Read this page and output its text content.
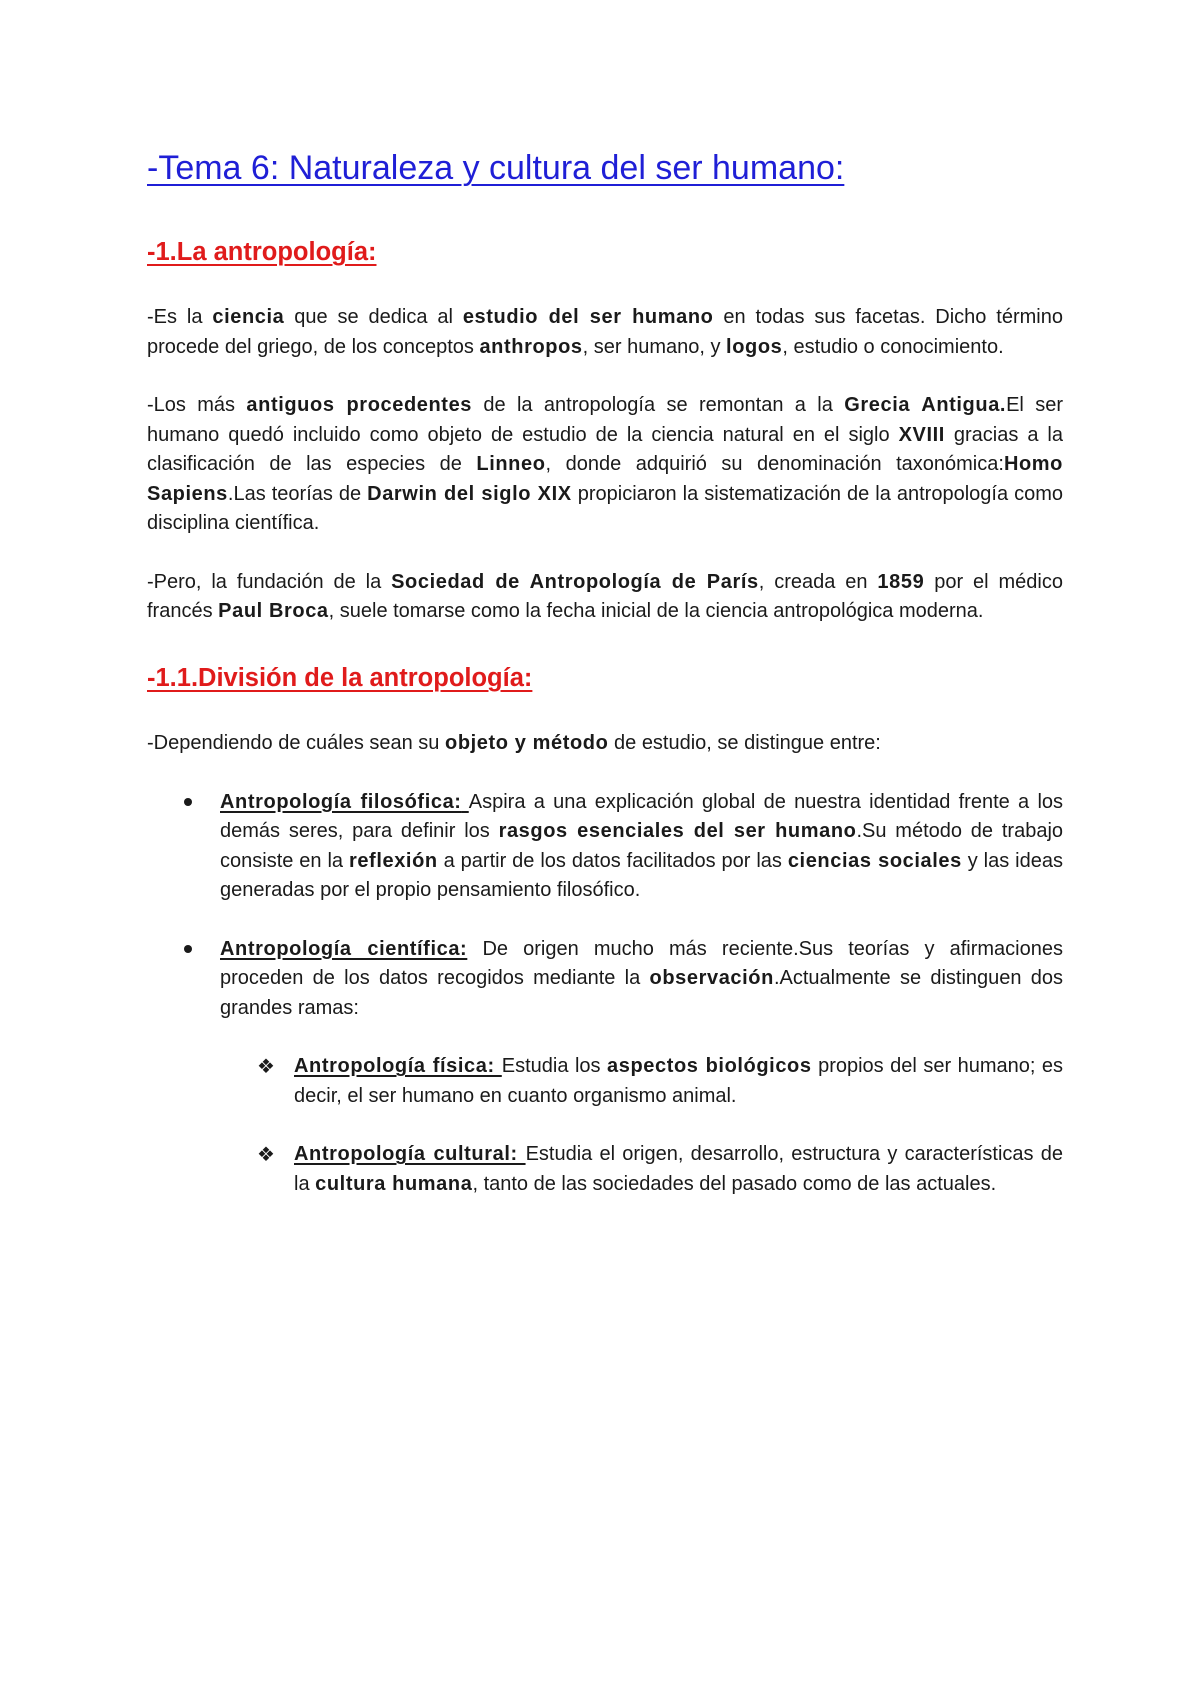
-Tema 6: Naturaleza y cultura del ser humano:
-1.La antropología:

-Es la ciencia que se dedica al estudio del ser humano en todas sus facetas. Dicho término procede del griego, de los conceptos anthropos, ser humano, y logos, estudio o conocimiento.

-Los más antiguos procedentes de la antropología se remontan a la Grecia Antigua.El ser humano quedó incluido como objeto de estudio de la ciencia natural en el siglo XVIII gracias a la clasificación de las especies de Linneo, donde adquirió su denominación taxonómica:Homo Sapiens.Las teorías de Darwin del siglo XIX propiciaron la sistematización de la antropología como disciplina científica.

-Pero, la fundación de la Sociedad de Antropología de París, creada en 1859 por el médico francés Paul Broca, suele tomarse como la fecha inicial de la ciencia antropológica moderna.

-1.1.División de la antropología:

-Dependiendo de cuáles sean su objeto y método de estudio, se distingue entre:

Antropología filosófica: Aspira a una explicación global de nuestra identidad frente a los demás seres, para definir los rasgos esenciales del ser humano.Su método de trabajo consiste en la reflexión a partir de los datos facilitados por las ciencias sociales y las ideas generadas por el propio pensamiento filosófico.
Antropología científica: De origen mucho más reciente.Sus teorías y afirmaciones proceden de los datos recogidos mediante la observación.Actualmente se distinguen dos grandes ramas:
❖ Antropología física: Estudia los aspectos biológicos propios del ser humano; es decir, el ser humano en cuanto organismo animal.
❖ Antropología cultural: Estudia el origen, desarrollo, estructura y características de la cultura humana, tanto de las sociedades del pasado como de las actuales.
